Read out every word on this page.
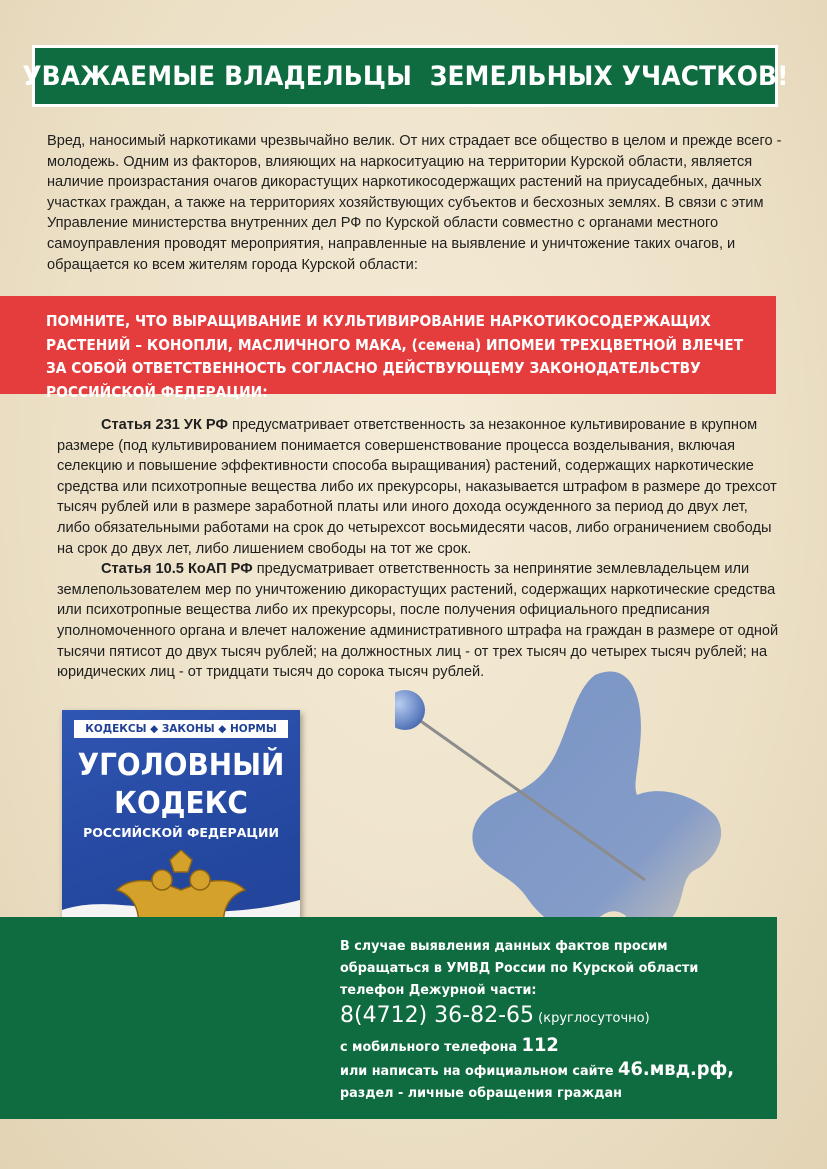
УВАЖАЕМЫЕ ВЛАДЕЛЬЦЫ  ЗЕМЕЛЬНЫХ УЧАСТКОВ!

Вред, наносимый наркотиками чрезвычайно велик. От них страдает все общество в целом и прежде всего - молодежь. Одним из факторов, влияющих на наркоситуацию на территории Курской области, является наличие произрастания очагов дикорастущих наркотикосодержащих растений на приусадебных, дачных участках граждан, а также на территориях хозяйствующих субъектов и бесхозных землях. В связи с этим Управление министерства внутренних дел РФ по Курской области совместно с органами местного самоуправления проводят мероприятия, направленные на выявление и уничтожение таких очагов, и обращается ко всем жителям города Курской области:

ПОМНИТЕ, ЧТО ВЫРАЩИВАНИЕ И КУЛЬТИВИРОВАНИЕ НАРКОТИКОСОДЕРЖАЩИХ РАСТЕНИЙ – КОНОПЛИ, МАСЛИЧНОГО МАКА, (семена) ИПОМЕИ ТРЕХЦВЕТНОЙ ВЛЕЧЕТ ЗА СОБОЙ ОТВЕТСТВЕННОСТЬ СОГЛАСНО ДЕЙСТВУЮЩЕМУ ЗАКОНОДАТЕЛЬСТВУ РОССИЙСКОЙ ФЕДЕРАЦИИ:

Статья 231 УК РФ предусматривает ответственность за незаконное культивирование в крупном размере (под культивированием понимается совершенствование процесса возделывания, включая селекцию и повышение эффективности способа выращивания) растений, содержащих наркотические средства или психотропные вещества либо их прекурсоры, наказывается штрафом в размере до трехсот тысяч рублей или в размере заработной платы или иного дохода осужденного за период до двух лет, либо обязательными работами на срок до четырехсот восьмидесяти часов, либо ограничением свободы на срок до двух лет, либо лишением свободы на тот же срок.

Статья 10.5 КоАП РФ предусматривает ответственность за непринятие землевладельцем или землепользователем мер по уничтожению дикорастущих растений, содержащих наркотические средства или психотропные вещества либо их прекурсоры, после получения официального предписания уполномоченного органа и влечет наложение административного штрафа на граждан в размере от одной тысячи пятисот до двух тысяч рублей; на должностных лиц - от трех тысяч до четырех тысяч рублей; на юридических лиц - от тридцати тысяч до сорока тысяч рублей.

КОДЕКСЫ ◆ ЗАКОНЫ ◆ НОРМЫ
УГОЛОВНЫЙ
КОДЕКС
РОССИЙСКОЙ ФЕДЕРАЦИИ
В случае выявления данных фактов просим
обращаться в УМВД России по Курской области
телефон Дежурной части:
8(4712) 36-82-65 (круглосуточно)
с мобильного телефона 112
или написать на официальном сайте 46.мвд.рф,
раздел - личные обращения граждан
